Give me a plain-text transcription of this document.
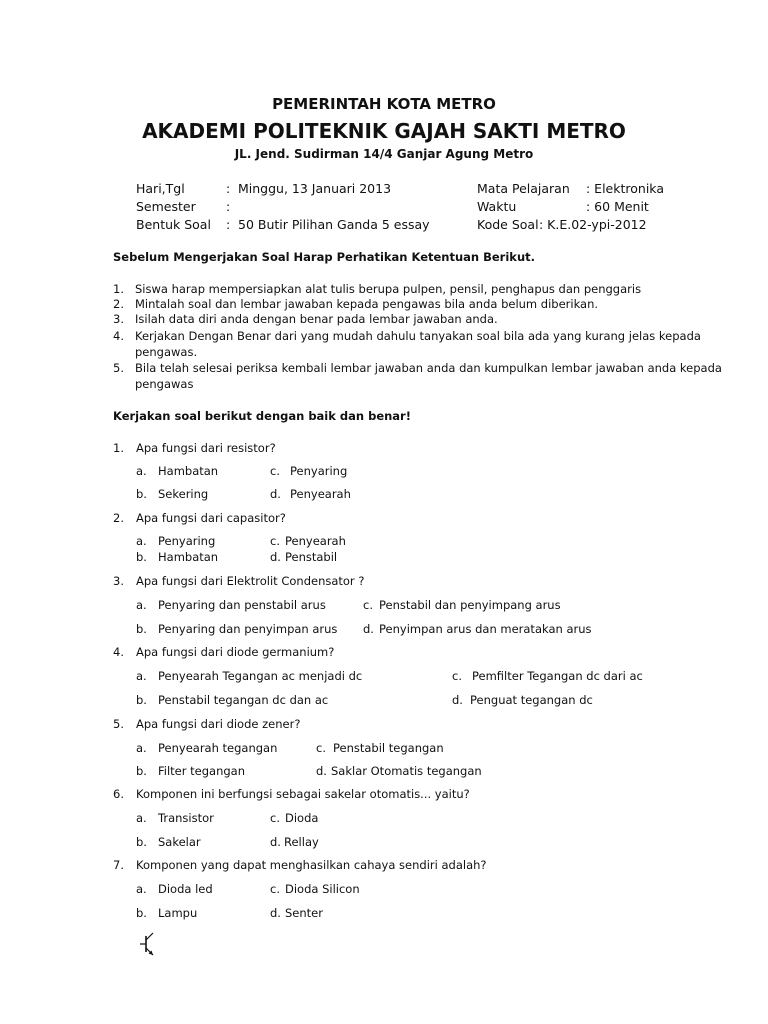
PEMERINTAH KOTA METRO
AKADEMI POLITEKNIK GAJAH SAKTI METRO
JL. Jend. Sudirman 14/4 Ganjar Agung Metro
Hari,Tgl	: Minggu, 13 Januari 2013
Semester :
Bentuk Soal : 50 Butir Pilihan Ganda 5 essay
Mata Pelajaran : Elektronika
Waktu	: 60 Menit
Kode Soal : K.E.02-ypi-2012
Sebelum Mengerjakan Soal Harap Perhatikan Ketentuan Berikut.
1. Siswa harap mempersiapkan alat tulis berupa pulpen, pensil, penghapus dan penggaris
2. Mintalah soal dan lembar jawaban kepada pengawas bila anda belum diberikan.
3. Isilah data diri anda dengan benar pada lembar jawaban anda.
4. Kerjakan Dengan Benar dari yang mudah dahulu tanyakan soal bila ada yang kurang jelas kepada
pengawas.
5. Bila telah selesai periksa kembali lembar jawaban anda dan kumpulkan lembar jawaban anda kepada
pengawas
Kerjakan soal berikut dengan baik dan benar!
1. Apa fungsi dari resistor?
a. Hambatan	c. Penyaring
b. Sekering	d. Penyearah
2. Apa fungsi dari capasitor?
a. Penyaring	c. Penyearah
b. Hambatan	d. Penstabil
3. Apa fungsi dari Elektrolit Condensator ?
a. Penyaring dan penstabil arus	c. Penstabil dan penyimpang arus
b. Penyaring dan penyimpan arus d. Penyimpan arus dan meratakan arus
4. Apa fungsi dari diode germanium?
a. Penyearah Tegangan ac menjadi dc	c. Pemfilter Tegangan dc dari ac
b. Penstabil tegangan dc dan ac	d. Penguat tegangan dc
5. Apa fungsi dari diode zener?
a. Penyearah tegangan	c. Penstabil tegangan
b. Filter tegangan	d. Saklar Otomatis tegangan
6. Komponen ini berfungsi sebagai sakelar otomatis... yaitu?
a. Transistor	c. Dioda
b. Sakelar	d. Rellay
7. Komponen yang dapat menghasilkan cahaya sendiri adalah?
a. Dioda led	c. Dioda Silicon
b. Lampu	d. Senter
